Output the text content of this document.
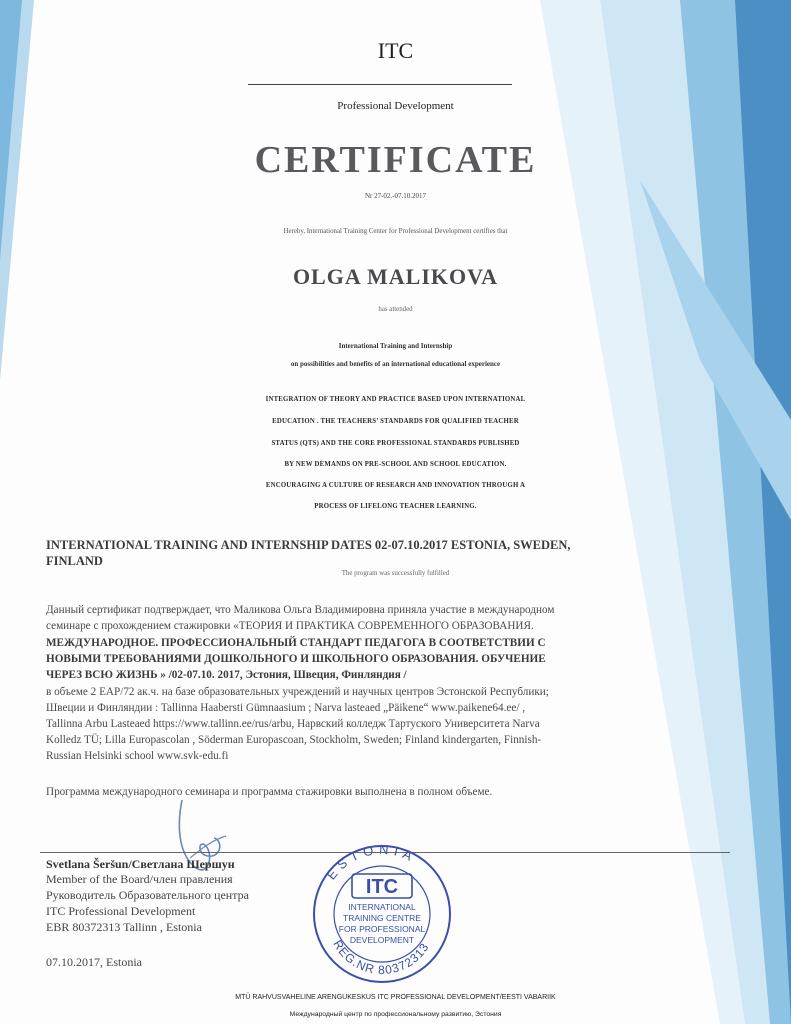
ITC
Professional Development
CERTIFICATE
Nr 27-02.-07.10.2017
Hereby, International Training Center for Professional Development certifies that
OLGA MALIKOVA
has attended
International Training and Internship
on possibilities and benefits of an international educational experience
INTEGRATION OF THEORY AND PRACTICE BASED UPON INTERNATIONAL
EDUCATION . THE TEACHERS’ STANDARDS FOR QUALIFIED TEACHER
STATUS (QTS) AND THE CORE PROFESSIONAL STANDARDS PUBLISHED
BY NEW DEMANDS ON PRE-SCHOOL AND SCHOOL EDUCATION.
ENCOURAGING A CULTURE OF RESEARCH AND INNOVATION THROUGH A
PROCESS OF LIFELONG TEACHER LEARNING.
INTERNATIONAL TRAINING AND INTERNSHIP DATES 02-07.10.2017 ESTONIA, SWEDEN,
FINLAND
The program was successfully fulfilled
Данный сертификат подтверждает, что Маликова Ольга Владимировна приняла участие в международном
семинаре с прохождением стажировки «ТЕОРИЯ И ПРАКТИКА СОВРЕМЕННОГО ОБРАЗОВАНИЯ.
МЕЖДУНАРОДНОЕ. ПРОФЕССИОНАЛЬНЫЙ СТАНДАРТ ПЕДАГОГА В СООТВЕТСТВИИ С
НОВЫМИ ТРЕБОВАНИЯМИ ДОШКОЛЬНОГО И ШКОЛЬНОГО ОБРАЗОВАНИЯ. ОБУЧЕНИЕ
ЧЕРЕЗ ВСЮ ЖИЗНЬ » /02-07.10. 2017, Эстония, Швеция, Финляндия /
в объеме 2 EAP/72 ак.ч. на базе образовательных учреждений и научных центров Эстонской Республики;
Швеции и Финляндии : Tallinna Haabersti Gümnaasium ; Narva lasteaed „Päikene“ www.paikene64.ee/ ,
Tallinna Arbu Lasteaed https://www.tallinn.ee/rus/arbu, Нарвский колледж Тартуского Университета Narva
Kolledz TÜ; Lilla Europascolan , Söderman Europascoan, Stockholm, Sweden; Finland kindergarten, Finnish-
Russian Helsinki school www.svk-edu.fi
Программа международного семинара и программа стажировки выполнена в полном объеме.
Svetlana Šeršun/Светлана Шершун
Member of the Board/член правления
Руководитель Образовательного центра
ITC Professional Development
EBR 80372313 Tallinn , Estonia
07.10.2017, Estonia
ESTONIA
REG.NR 80372313
ITC
INTERNATIONAL
TRAINING CENTRE
FOR PROFESSIONAL
DEVELOPMENT
MTÜ RAHVUSVAHELINE ARENGUKESKUS ITC PROFESSIONAL DEVELOPMENT/EESTI VABARIIK
Международный центр по профессиональному развитию, Эстония
